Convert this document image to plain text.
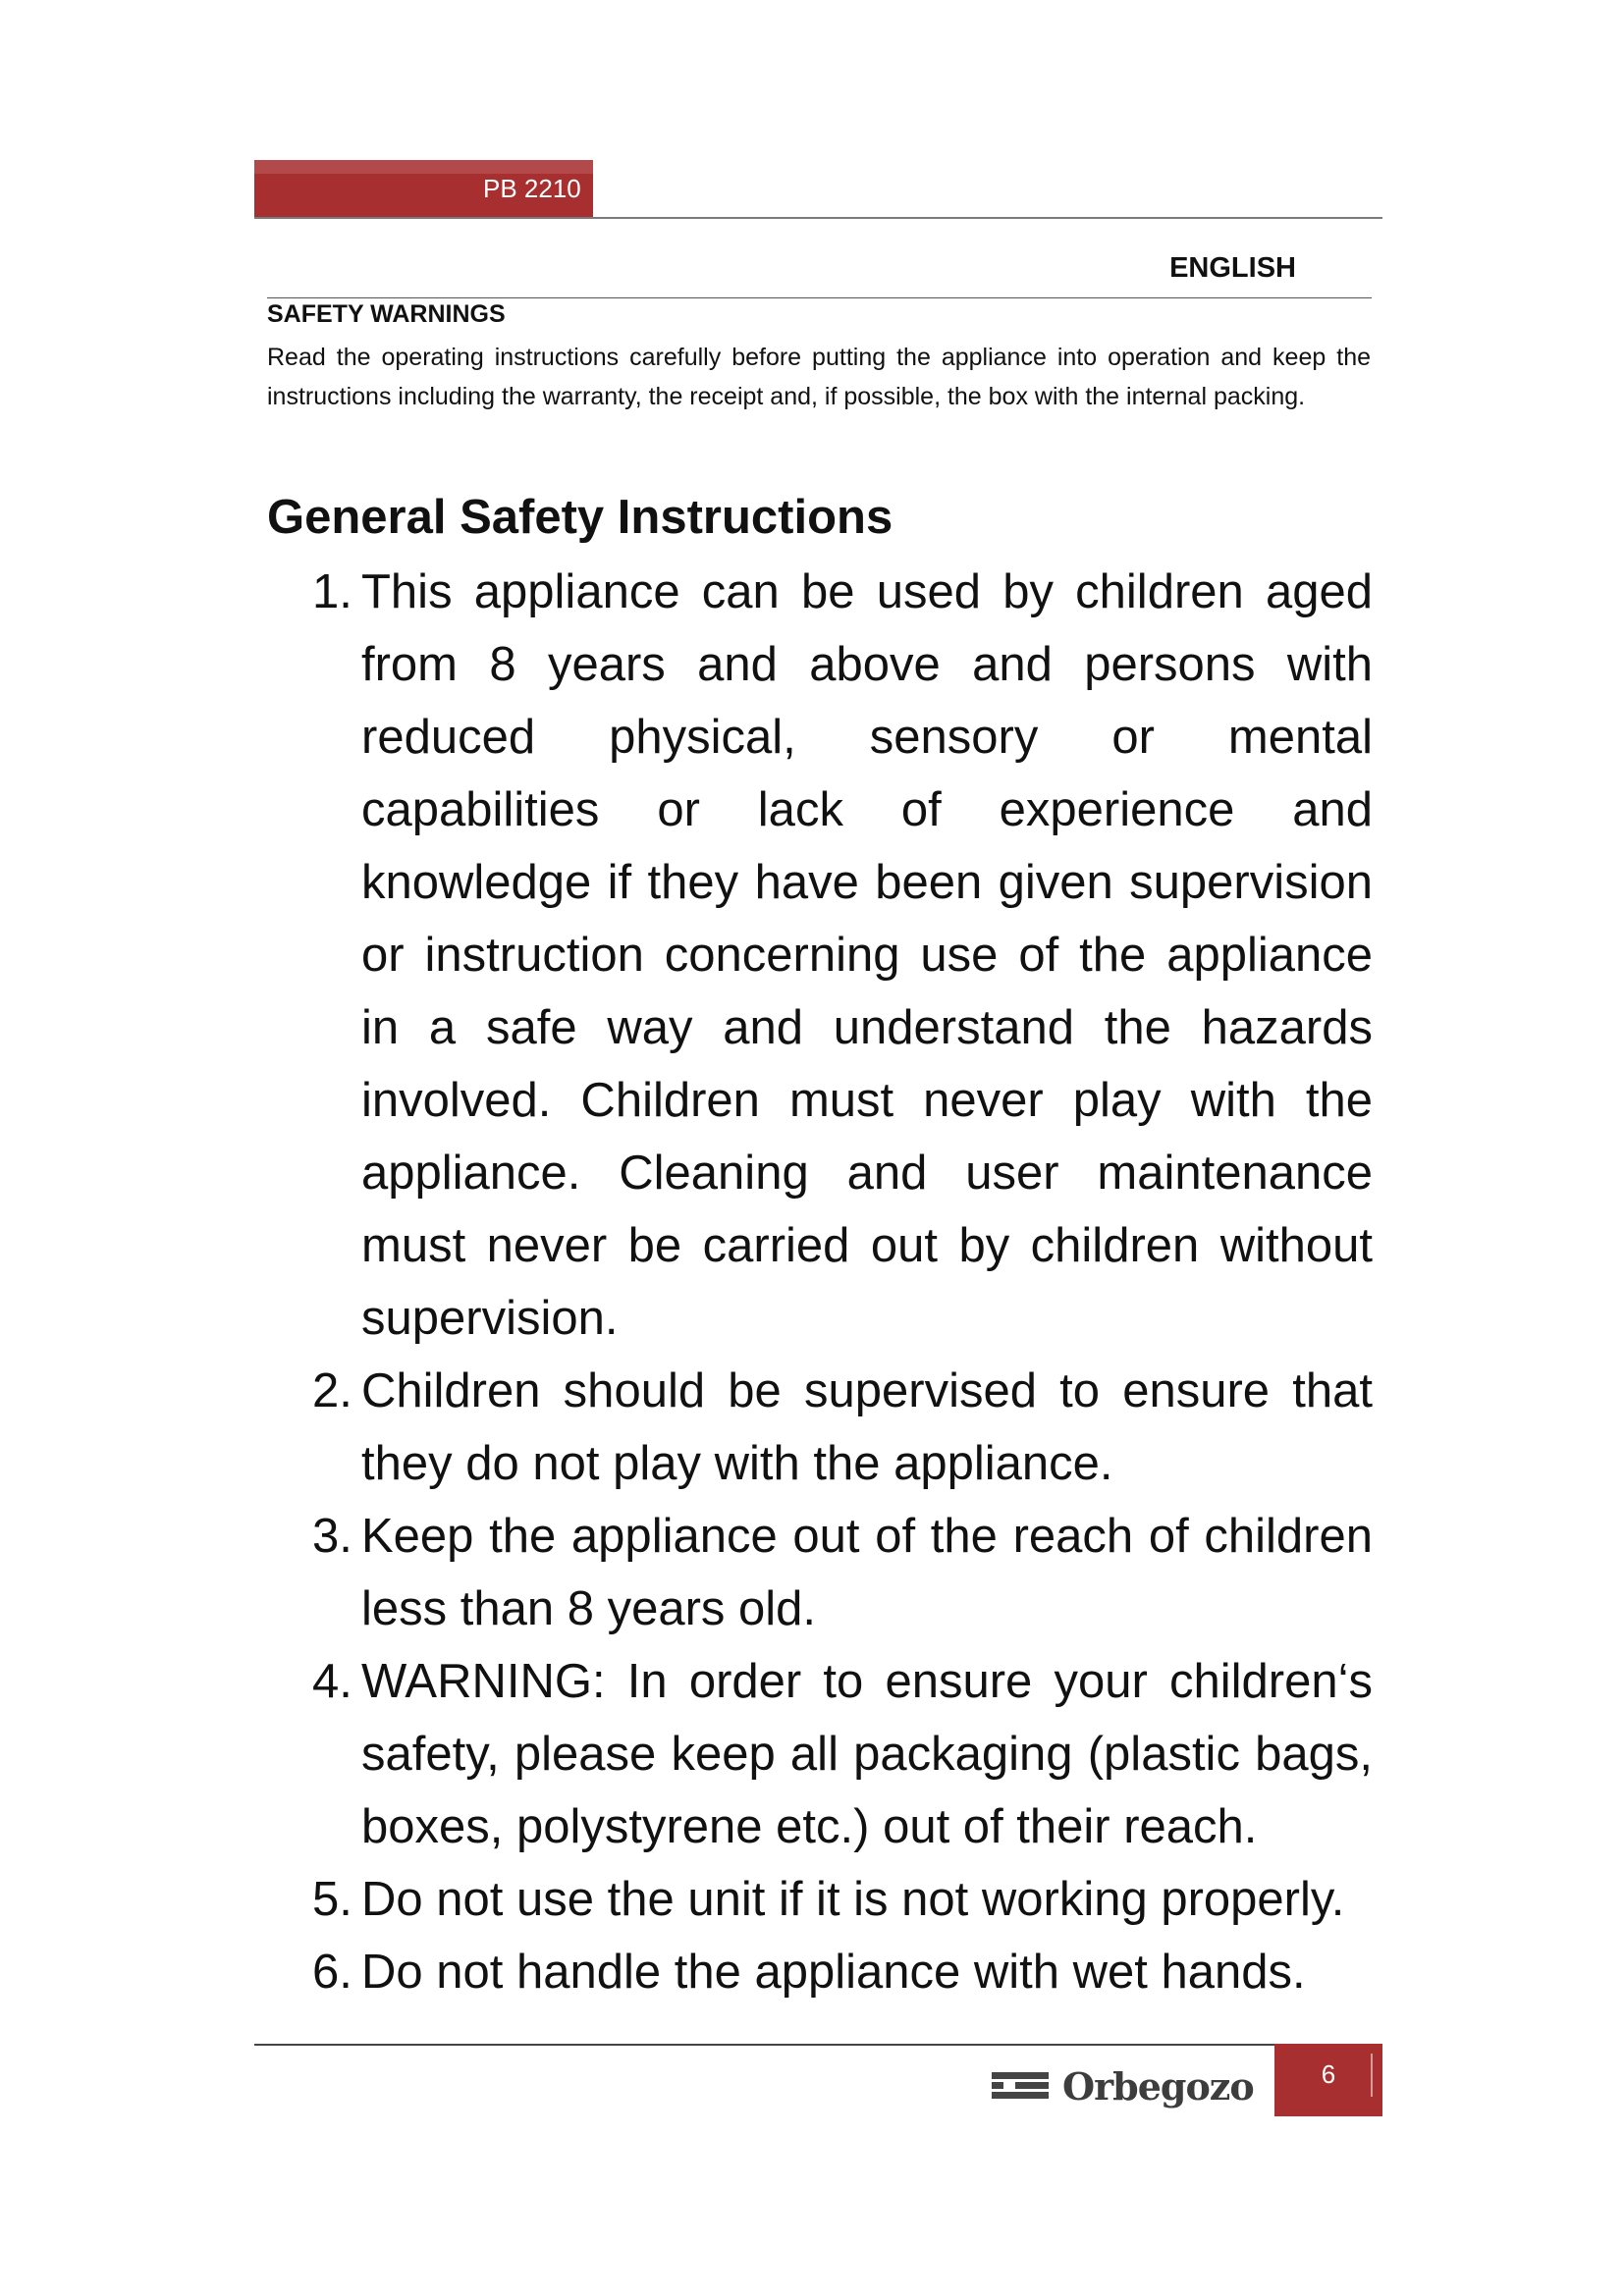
PB 2210
ENGLISH
SAFETY WARNINGS

Read the operating instructions carefully before putting the appliance into operation and keep the instructions including the warranty, the receipt and, if possible, the box with the internal packing.

General Safety Instructions
1. This appliance can be used by children aged from 8 years and above and persons with reduced physical, sensory or mental capabilities or lack of experience and knowledge if they have been given supervision or instruction concerning use of the appliance in a safe way and understand the hazards involved. Children must never play with the appliance. Cleaning and user maintenance must never be carried out by children without supervision.
2. Children should be supervised to ensure that they do not play with the appliance.
3. Keep the appliance out of the reach of children less than 8 years old.
4. WARNING: In order to ensure your children‘s safety, please keep all packaging (plastic bags, boxes, polystyrene etc.) out of their reach.
5. Do not use the unit if it is not working properly.
6. Do not handle the appliance with wet hands.
Orbegozo	6
